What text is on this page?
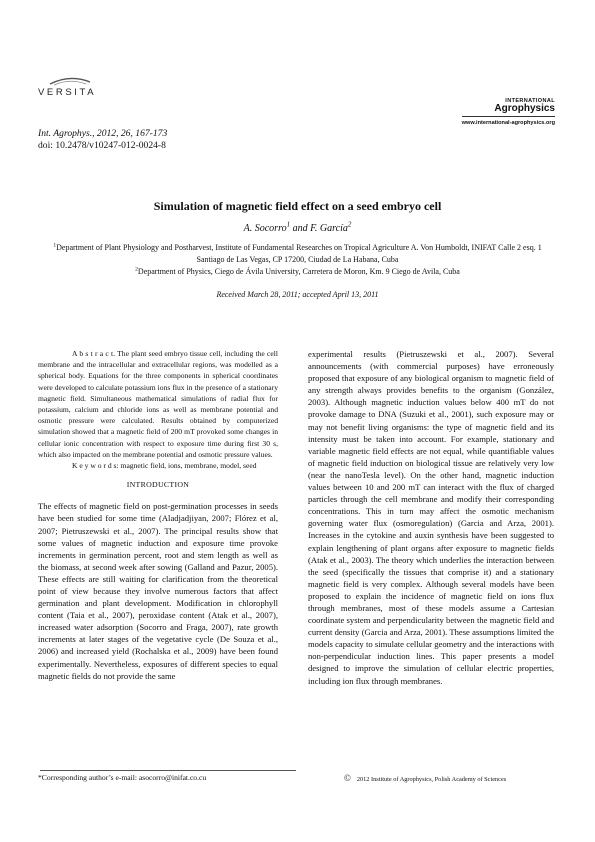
VERSITA
INTERNATIONAL
Agrophysics
www.international-agrophysics.org
Int. Agrophys., 2012, 26, 167-173
doi: 10.2478/v10247-012-0024-8
Simulation of magnetic field effect on a seed embryo cell
A. Socorro$^1$ and F. García$^2$
$^1$Department of Plant Physiology and Postharvest, Institute of Fundamental Researches on Tropical Agriculture A. Von Humboldt, INIFAT Calle 2 esq. 1 Santiago de Las Vegas, CP 17200, Ciudad de La Habana, Cuba
$^2$Department of Physics, Ciego de Ávila University, Carretera de Moron, Km. 9 Ciego de Avila, Cuba
Received March 28, 2011; accepted April 13, 2011

A b s t r a c t. The plant seed embryo tissue cell, including the cell membrane and the intracellular and extracellular regions, was modelled as a spherical body. Equations for the three components in spherical coordinates were developed to calculate potassium ions flux in the presence of a stationary magnetic field. Simultaneous mathematical simulations of radial flux for potassium, calcium and chloride ions as well as membrane potential and osmotic pressure were calculated. Results obtained by computerized simulation showed that a magnetic field of 200 mT provoked some changes in cellular ionic concentration with respect to exposure time during first 30 s, which also impacted on the membrane potential and osmotic pressure values.

K e y w o r d s: magnetic field, ions, membrane, model, seed

INTRODUCTION

The effects of magnetic field on post-germination processes in seeds have been studied for some time (Aladjadjiyan, 2007; Flórez et al, 2007; Pietruszewski et al., 2007). The principal results show that some values of magnetic induction and exposure time provoke increments in germination percent, root and stem length as well as the biomass, at second week after sowing (Galland and Pazur, 2005). These effects are still waiting for clarification from the theoretical point of view because they involve numerous factors that affect germination and plant development. Modification in chlorophyll content (Taia et al., 2007), peroxidase content (Atak et al., 2007), increased water adsorption (Socorro and Fraga, 2007), rate growth increments at later stages of the vegetative cycle (De Souza et al., 2006) and increased yield (Rochalska et al., 2009) have been found experimentally. Nevertheless, exposures of different species to equal magnetic fields do not provide the same

experimental results (Pietruszewski et al., 2007). Several announcements (with commercial purposes) have erroneously proposed that exposure of any biological organism to magnetic field of any strength always provides benefits to the organism (González, 2003). Although magnetic induction values below 400 mT do not provoke damage to DNA (Suzuki et al., 2001), such exposure may or may not benefit living organisms: the type of magnetic field and its intensity must be taken into account. For example, stationary and variable magnetic field effects are not equal, while quantifiable values of magnetic field induction on biological tissue are relatively very low (near the nanoTesla level). On the other hand, magnetic induction values between 10 and 200 mT can interact with the flux of charged particles through the cell membrane and modify their corresponding concentrations. This in turn may affect the osmotic mechanism governing water flux (osmoregulation) (Garcia and Arza, 2001). Increases in the cytokine and auxin synthesis have been suggested to explain lengthening of plant organs after exposure to magnetic fields (Atak et al., 2003). The theory which underlies the interaction between the seed (specifically the tissues that comprise it) and a stationary magnetic field is very complex. Although several models have been proposed to explain the incidence of magnetic field on ions flux through membranes, most of these models assume a Cartesian coordinate system and perpendicularity between the magnetic field and current density (Garcia and Arza, 2001). These assumptions limited the models capacity to simulate cellular geometry and the interactions with non-perpendicular induction lines. This paper presents a model designed to improve the simulation of cellular electric properties, including ion flux through membranes.

*Corresponding author’s e-mail: asocorro@inifat.co.cu	© 2012 Institute of Agrophysics, Polish Academy of Sciences
